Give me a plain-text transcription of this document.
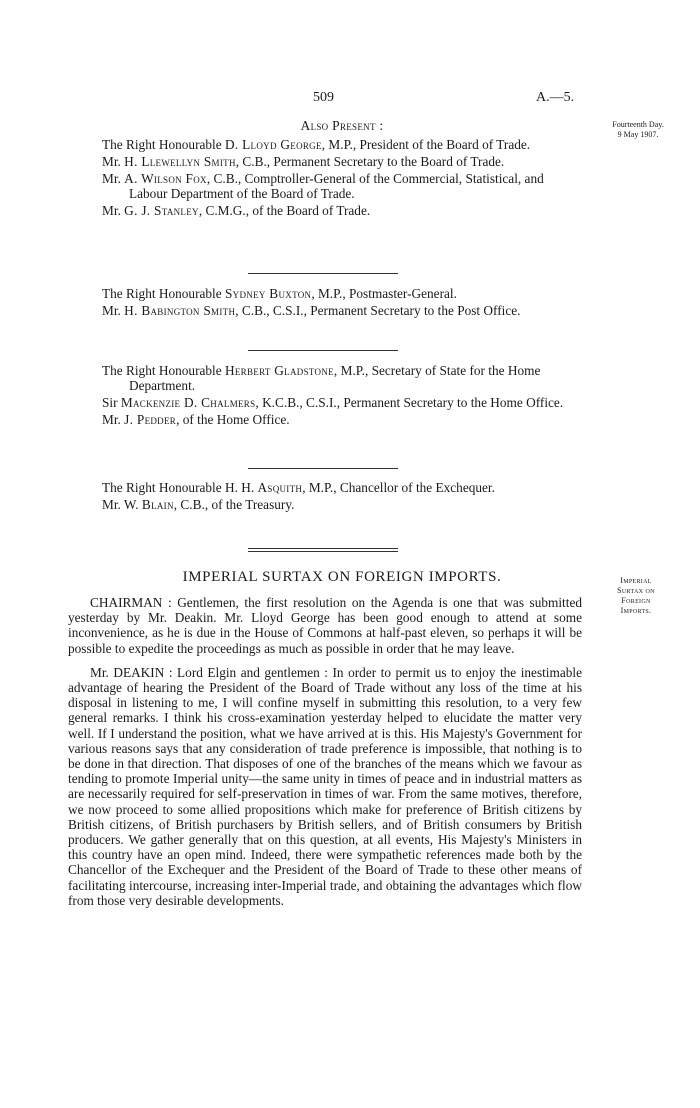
509	A.—5.
Fourteenth Day.
9 May 1907.
Imperial
Surtax on
Foreign
Imports.
Also Present :

The Right Honourable D. Lloyd George, M.P., President of the Board of Trade.

Mr. H. Llewellyn Smith, C.B., Permanent Secretary to the Board of Trade.

Mr. A. Wilson Fox, C.B., Comptroller-General of the Commercial, Statistical, and Labour Department of the Board of Trade.

Mr. G. J. Stanley, C.M.G., of the Board of Trade.

The Right Honourable Sydney Buxton, M.P., Postmaster-General.

Mr. H. Babington Smith, C.B., C.S.I., Permanent Secretary to the Post Office.

The Right Honourable Herbert Gladstone, M.P., Secretary of State for the Home Department.

Sir Mackenzie D. Chalmers, K.C.B., C.S.I., Permanent Secretary to the Home Office.

Mr. J. Pedder, of the Home Office.

The Right Honourable H. H. Asquith, M.P., Chancellor of the Exchequer.

Mr. W. Blain, C.B., of the Treasury.

IMPERIAL SURTAX ON FOREIGN IMPORTS.

CHAIRMAN : Gentlemen, the first resolution on the Agenda is one that was submitted yesterday by Mr. Deakin. Mr. Lloyd George has been good enough to attend at some inconvenience, as he is due in the House of Commons at half-past eleven, so perhaps it will be possible to expedite the proceedings as much as possible in order that he may leave.

Mr. DEAKIN : Lord Elgin and gentlemen : In order to permit us to enjoy the inestimable advantage of hearing the President of the Board of Trade without any loss of the time at his disposal in listening to me, I will confine myself in submitting this resolution, to a very few general remarks. I think his cross-examination yesterday helped to elucidate the matter very well. If I understand the position, what we have arrived at is this. His Majesty's Government for various reasons says that any consideration of trade preference is impossible, that nothing is to be done in that direction. That disposes of one of the branches of the means which we favour as tending to promote Imperial unity—the same unity in times of peace and in industrial matters as are necessarily required for self-preservation in times of war. From the same motives, therefore, we now proceed to some allied propositions which make for preference of British citizens by British citizens, of British purchasers by British sellers, and of British consumers by British producers. We gather generally that on this question, at all events, His Majesty's Ministers in this country have an open mind. Indeed, there were sympathetic references made both by the Chancellor of the Exchequer and the President of the Board of Trade to these other means of facilitating intercourse, increasing inter-Imperial trade, and obtaining the advantages which flow from those very desirable developments.
